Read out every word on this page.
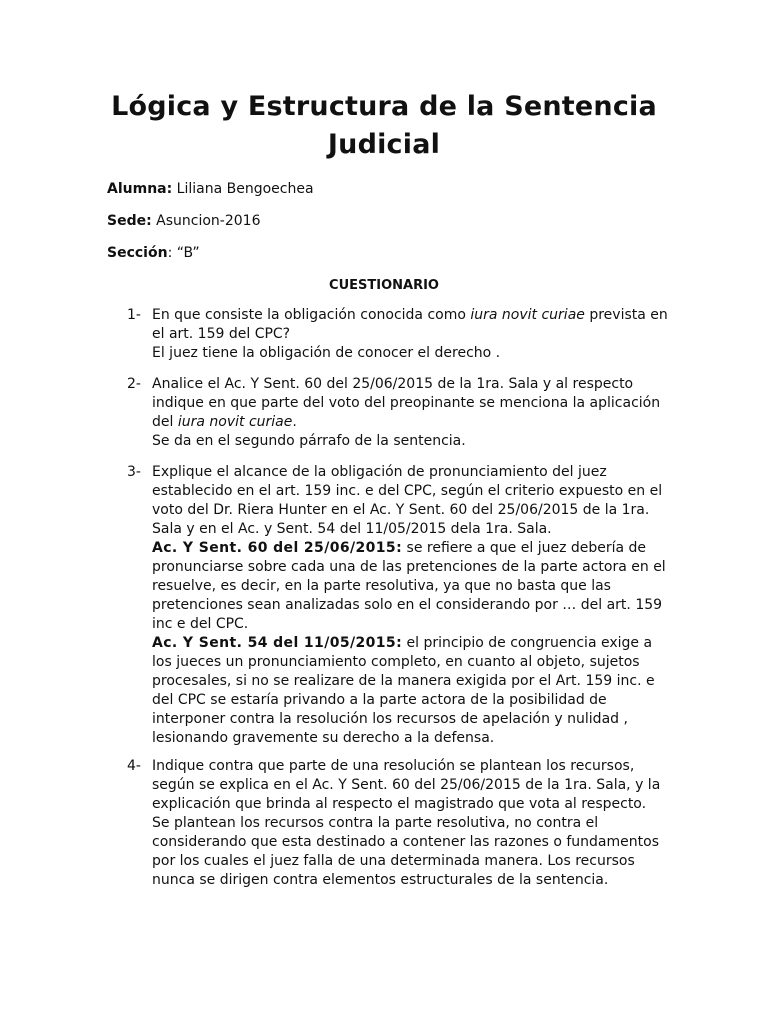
Lógica y Estructura de la Sentencia
Judicial
Alumna: Liliana Bengoechea
Sede: Asuncion-2016
Sección: “B”
CUESTIONARIO
1- En que consiste la obligación conocida como iura novit curiae prevista en el art. 159 del CPC?

El juez tiene la obligación de conocer el derecho .

2- Analice el Ac. Y Sent. 60 del 25/06/2015 de la 1ra. Sala y al respecto indique en que parte del voto del preopinante se menciona la aplicación del iura novit curiae.

Se da en el segundo párrafo de la sentencia.

3- Explique el alcance de la obligación de pronunciamiento del juez establecido en el art. 159 inc. e del CPC, según el criterio expuesto en el voto del Dr. Riera Hunter en el Ac. Y Sent. 60 del 25/06/2015 de la 1ra. Sala y en el Ac. y Sent. 54 del 11/05/2015 dela 1ra. Sala.

Ac. Y Sent. 60 del 25/06/2015: se refiere a que el juez debería de pronunciarse sobre cada una de las pretenciones de la parte actora en el resuelve, es decir, en la parte resolutiva, ya que no basta que las pretenciones sean analizadas solo en el considerando por … del art. 159 inc e del CPC.

Ac. Y Sent. 54 del 11/05/2015: el principio de congruencia exige a los jueces un pronunciamiento completo, en cuanto al objeto, sujetos procesales, si no se realizare de la manera exigida por el Art. 159 inc. e del CPC se estaría privando a la parte actora de la posibilidad de interponer contra la resolución los recursos de apelación y nulidad , lesionando gravemente su derecho a la defensa.

4- Indique contra que parte de una resolución se plantean los recursos, según se explica en el Ac. Y Sent. 60 del 25/06/2015 de la 1ra. Sala, y la explicación que brinda al respecto el magistrado que vota al respecto.

Se plantean los recursos contra la parte resolutiva, no contra el considerando que esta destinado a contener las razones o fundamentos por los cuales el juez falla de una determinada manera. Los recursos nunca se dirigen contra elementos estructurales de la sentencia.
